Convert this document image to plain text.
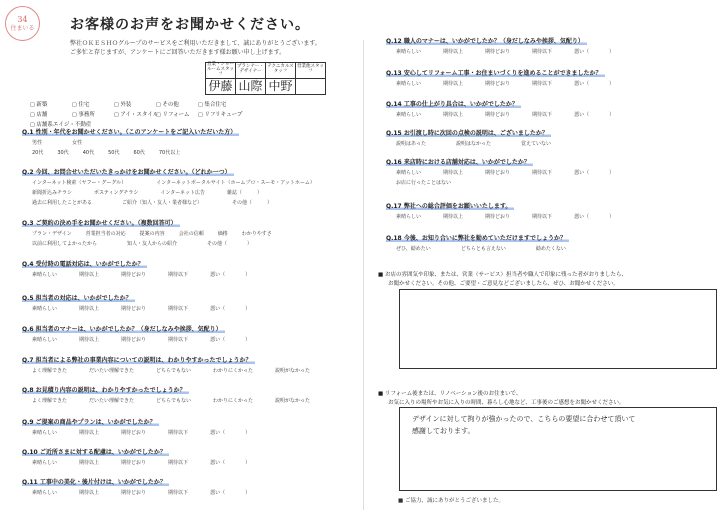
34
住まいる	お客様のお声をお聞かせください。
弊社ＯＫＥＳＨＯグループのサービスをご利用いただきまして、誠にありがとうございます。
ご多忙と存じますが、アンケートにご回答いただきます様お願い申し上げます。
営業・ショールームスタッフ	プランナー・デザイナー	テクニカルスタッフ	営業他スタッフ
伊藤	山際	中野	
□ 新築	□ 住宅	□ 外装	□ その他	□ 集合住宅
□ 店舗	□ 事務所	□ アイ・スタイル □ リフォーム	□ リフリキュープ
□ 店舗系エイジ・不動産
Q.1 性別・年代をお聞かせください。（このアンケートをご記入いただいた方）
男性	女性
20代	30代	40代	50代	60代	70代以上
Q.2 今回、お問合せいただいたきっかけをお聞かせください。（どれか一つ）
インターネット検索（ヤフー・グーグル）	インターネットポータルサイト（ホームプロ・スーモ・アットホーム）
新聞折込みチラシ	ポスティングチラシ	インターネット広告	雑誌（　　　）
過去に利用したことがある	ご紹介（知人・友人・業者様など）	その他（　　　）
Q.3 ご契約の決め手をお聞かせください。（複数回答可）
プラン・デザイン	営業担当者の対応	提案の内容	会社の信頼	価格	わかりやすさ
以前に利用してよかったから	知人・友人からの紹介	その他（　　　　）
Q.4 受付時の電話対応は、いかがでしたか？
素晴らしい	期待以上	期待どおり	期待以下	悪い（　　　　）
Q.5 担当者の対応は、いかがでしたか？
素晴らしい	期待以上	期待どおり	期待以下	悪い（　　　　）
Q.6 担当者のマナーは、いかがでしたか？（身だしなみや挨拶、気配り）
素晴らしい	期待以上	期待どおり	期待以下	悪い（　　　　）
Q.7 担当者による弊社の事業内容についての説明は、わかりやすかったでしょうか？
よく理解できた	だいたい理解できた	どちらでもない	わかりにくかった	説明がなかった
Q.8 お見積り内容の説明は、わかりやすかったでしょうか？
よく理解できた	だいたい理解できた	どちらでもない	わかりにくかった	説明がなかった
Q.9 ご提案の商品やプランは、いかがでしたか？
素晴らしい	期待以上	期待どおり	期待以下	悪い（　　　　）
Q.10 ご近所さまに対する配慮は、いかがでしたか？
素晴らしい	期待以上	期待どおり	期待以下	悪い（　　　　）
Q.11 工事中の美化・後片付けは、いかがでしたか？
素晴らしい	期待以上	期待どおり	期待以下	悪い（　　　　）
Q.12 職人のマナーは、いかがでしたか？（身だしなみや挨拶、気配り）
素晴らしい	期待以上	期待どおり	期待以下	悪い（　　　　）
Q.13 安心してリフォーム工事・お住まいづくりを進めることができましたか？
素晴らしい	期待以上	期待どおり	期待以下	悪い（　　　　）
Q.14 工事の仕上がり具合は、いかがでしたか？
素晴らしい	期待以上	期待どおり	期待以下	悪い（　　　　）
Q.15 お引渡し時に次回の点検の説明は、ございましたか？
説明はあった	説明はなかった	覚えていない
Q.16 来店時における店舗対応は、いかがでしたか？
素晴らしい	期待以上	期待どおり	期待以下	悪い（　　　　）
お店に行ったことはない
Q.17 弊社への総合評価をお願いいたします。
素晴らしい	期待以上	期待どおり	期待以下	悪い（　　　　）
Q.18 今後、お知り合いに弊社を勧めていただけますでしょうか？
ぜひ、勧めたい	どちらとも言えない	勧めたくない
■ お店の雰囲気や印象、または、営業（サービス）担当者や職人で印象に残った者がおりましたら、
お聞かせください。その他、ご要望・ご意見などございましたら、ぜひ、お聞かせください。
■ リフォーム後または、リノベーション後のお住まいで、
お気に入りの場所やお気に入りの時間、暮らし心地など、工事後のご感想をお聞かせください。
デザインに対して拘りが強かったので、こちらの要望に合わせて頂いて
感謝しております。
■ ご協力、誠にありがとうございました。
